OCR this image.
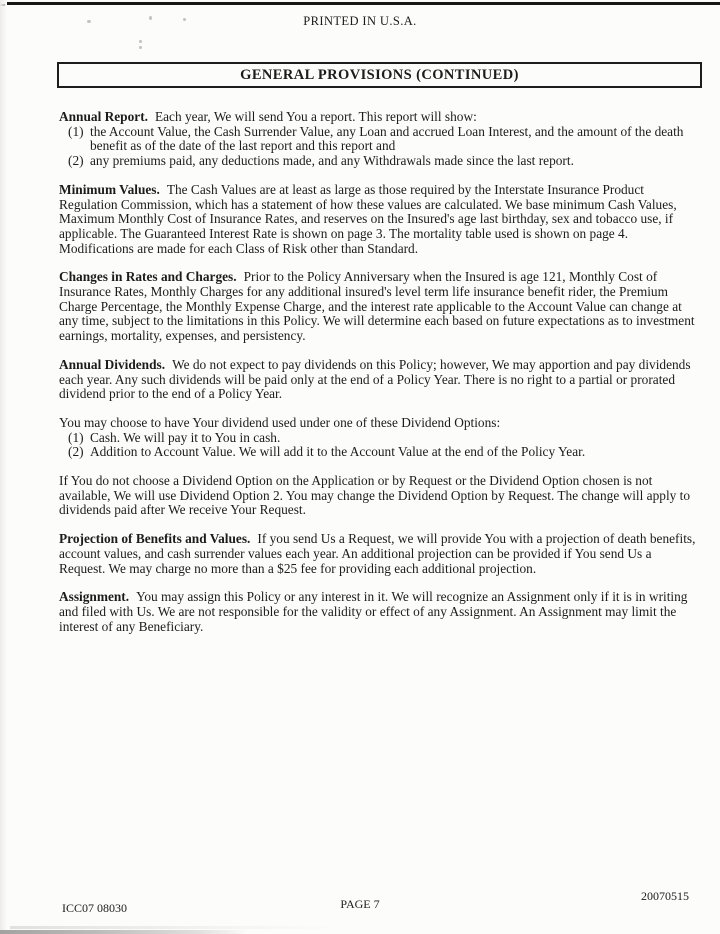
PRINTED IN U.S.A.
GENERAL PROVISIONS (CONTINUED)

Annual Report. Each year, We will send You a report. This report will show:

(1) the Account Value, the Cash Surrender Value, any Loan and accrued Loan Interest, and the amount of the death benefit as of the date of the last report and this report and
(2) any premiums paid, any deductions made, and any Withdrawals made since the last report.

Minimum Values. The Cash Values are at least as large as those required by the Interstate Insurance Product Regulation Commission, which has a statement of how these values are calculated. We base minimum Cash Values, Maximum Monthly Cost of Insurance Rates, and reserves on the Insured's age last birthday, sex and tobacco use, if applicable. The Guaranteed Interest Rate is shown on page 3. The mortality table used is shown on page 4. Modifications are made for each Class of Risk other than Standard.

Changes in Rates and Charges. Prior to the Policy Anniversary when the Insured is age 121, Monthly Cost of Insurance Rates, Monthly Charges for any additional insured's level term life insurance benefit rider, the Premium Charge Percentage, the Monthly Expense Charge, and the interest rate applicable to the Account Value can change at any time, subject to the limitations in this Policy. We will determine each based on future expectations as to investment earnings, mortality, expenses, and persistency.

Annual Dividends. We do not expect to pay dividends on this Policy; however, We may apportion and pay dividends each year. Any such dividends will be paid only at the end of a Policy Year. There is no right to a partial or prorated dividend prior to the end of a Policy Year.

You may choose to have Your dividend used under one of these Dividend Options:

(1) Cash. We will pay it to You in cash.
(2) Addition to Account Value. We will add it to the Account Value at the end of the Policy Year.

If You do not choose a Dividend Option on the Application or by Request or the Dividend Option chosen is not available, We will use Dividend Option 2. You may change the Dividend Option by Request. The change will apply to dividends paid after We receive Your Request.

Projection of Benefits and Values. If you send Us a Request, we will provide You with a projection of death benefits, account values, and cash surrender values each year. An additional projection can be provided if You send Us a Request. We may charge no more than a $25 fee for providing each additional projection.

Assignment. You may assign this Policy or any interest in it. We will recognize an Assignment only if it is in writing and filed with Us. We are not responsible for the validity or effect of any Assignment. An Assignment may limit the interest of any Beneficiary.

ICC07 08030	PAGE 7
20070515
